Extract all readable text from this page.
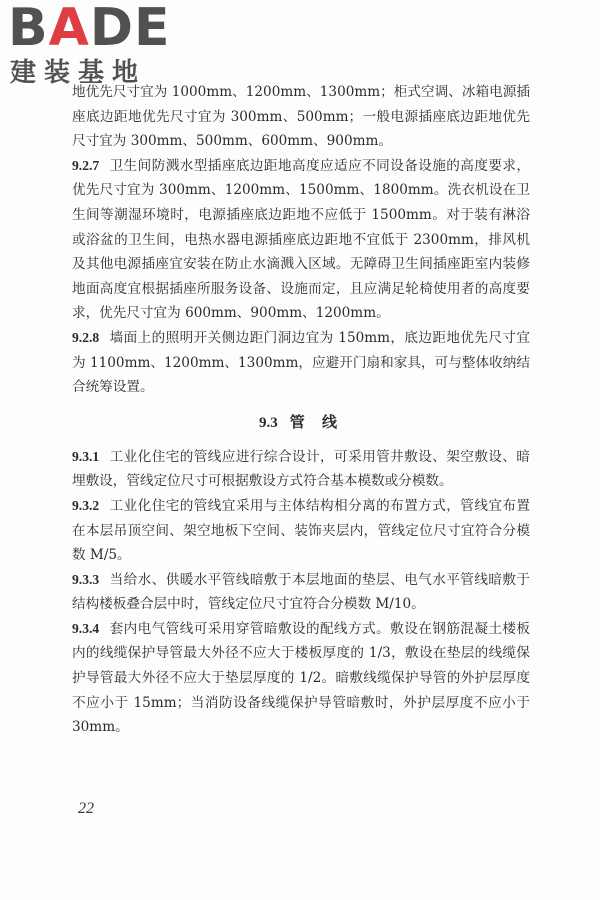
BADE
建装基地

地优先尺寸宜为 1000mm、1200mm、1300mm；柜式空调、冰箱电源插座底边距地优先尺寸宜为 300mm、500mm；一般电源插座底边距地优先尺寸宜为 300mm、500mm、600mm、900mm。

9.2.7 卫生间防溅水型插座底边距地高度应适应不同设备设施的高度要求，优先尺寸宜为 300mm、1200mm、1500mm、1800mm。洗衣机设在卫生间等潮湿环境时，电源插座底边距地不应低于 1500mm。对于装有淋浴或浴盆的卫生间，电热水器电源插座底边距地不宜低于 2300mm，排风机及其他电源插座宜安装在防止水滴溅入区域。无障碍卫生间插座距室内装修地面高度宜根据插座所服务设备、设施而定，且应满足轮椅使用者的高度要求，优先尺寸宜为 600mm、900mm、1200mm。

9.2.8 墙面上的照明开关侧边距门洞边宜为 150mm，底边距地优先尺寸宜为 1100mm、1200mm、1300mm，应避开门扇和家具，可与整体收纳结合统筹设置。

9.3 管 线

9.3.1 工业化住宅的管线应进行综合设计，可采用管井敷设、架空敷设、暗埋敷设，管线定位尺寸可根据敷设方式符合基本模数或分模数。

9.3.2 工业化住宅的管线宜采用与主体结构相分离的布置方式，管线宜布置在本层吊顶空间、架空地板下空间、装饰夹层内，管线定位尺寸宜符合分模数 M/5。

9.3.3 当给水、供暖水平管线暗敷于本层地面的垫层、电气水平管线暗敷于结构楼板叠合层中时，管线定位尺寸宜符合分模数 M/10。

9.3.4 套内电气管线可采用穿管暗敷设的配线方式。敷设在钢筋混凝土楼板内的线缆保护导管最大外径不应大于楼板厚度的 1/3，敷设在垫层的线缆保护导管最大外径不应大于垫层厚度的 1/2。暗敷线缆保护导管的外护层厚度不应小于 15mm；当消防设备线缆保护导管暗敷时，外护层厚度不应小于 30mm。

22
